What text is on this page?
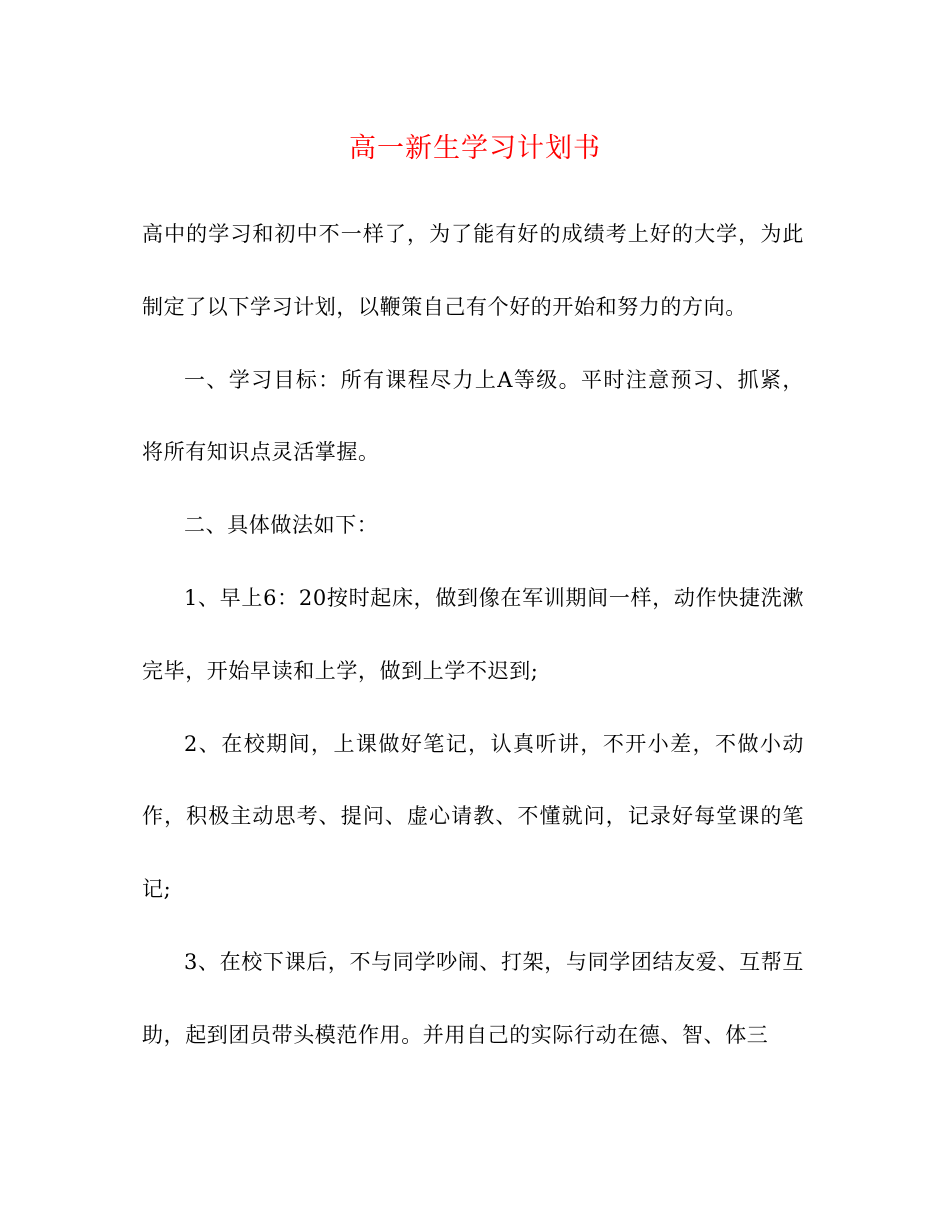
高一新生学习计划书

高中的学习和初中不一样了，为了能有好的成绩考上好的大学，为此制定了以下学习计划，以鞭策自己有个好的开始和努力的方向。

一、学习目标：所有课程尽力上A等级。平时注意预习、抓紧，将所有知识点灵活掌握。

二、具体做法如下：

1、早上6：20按时起床，做到像在军训期间一样，动作快捷洗漱完毕，开始早读和上学，做到上学不迟到;

2、在校期间，上课做好笔记，认真听讲，不开小差，不做小动作，积极主动思考、提问、虚心请教、不懂就问，记录好每堂课的笔记;

3、在校下课后，不与同学吵闹、打架，与同学团结友爱、互帮互助，起到团员带头模范作用。并用自己的实际行动在德、智、体三
